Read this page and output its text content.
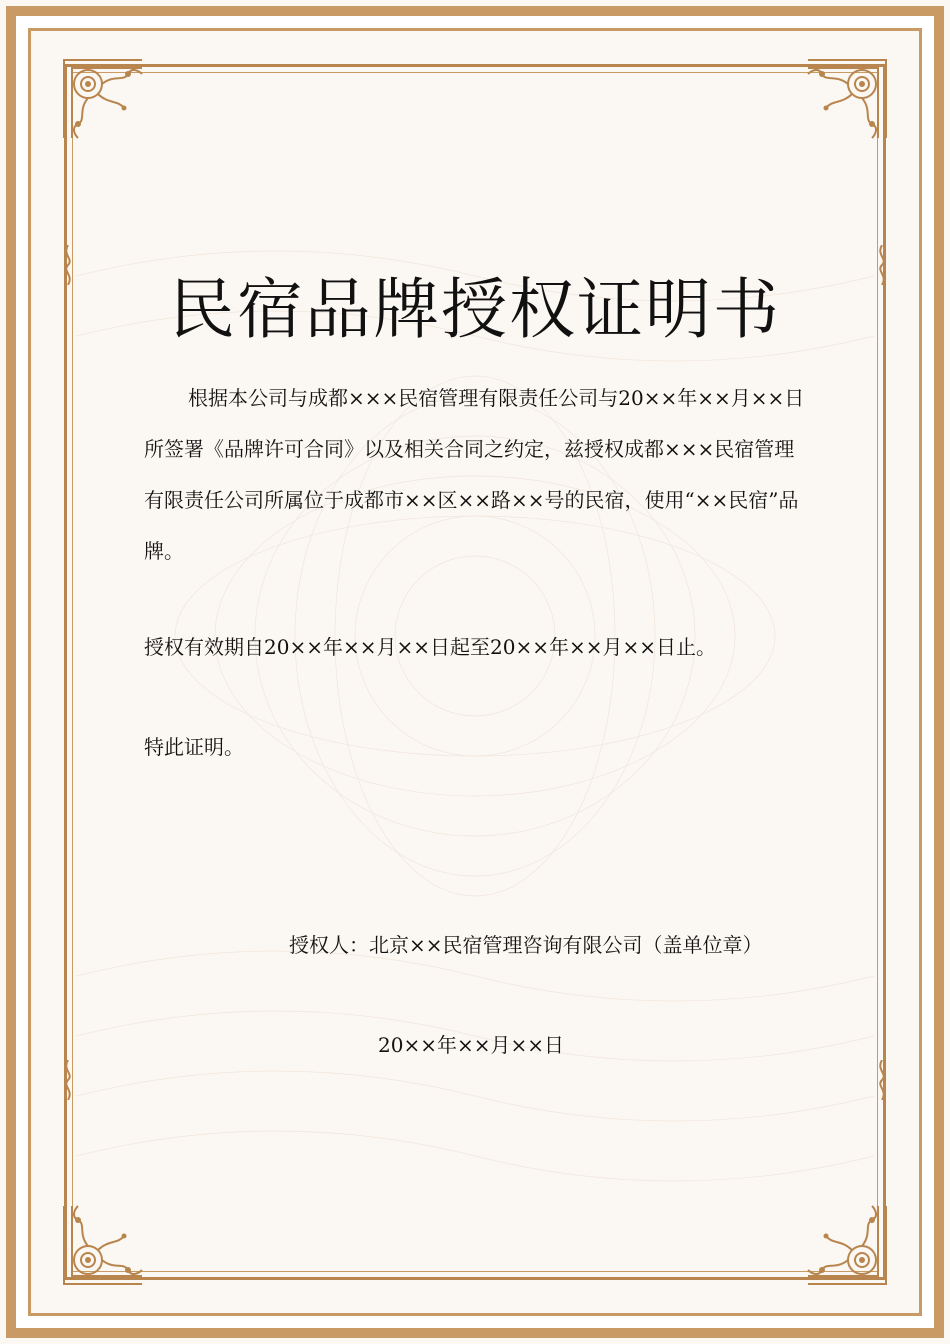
民宿品牌授权证明书

根据本公司与成都×××民宿管理有限责任公司与20××年××月××日所签署《品牌许可合同》以及相关合同之约定，兹授权成都×××民宿管理有限责任公司所属位于成都市××区××路××号的民宿，使用“××民宿”品牌。

授权有效期自20××年××月××日起至20××年××月××日止。

特此证明。

授权人：北京××民宿管理咨询有限公司（盖单位章）

20××年××月××日
